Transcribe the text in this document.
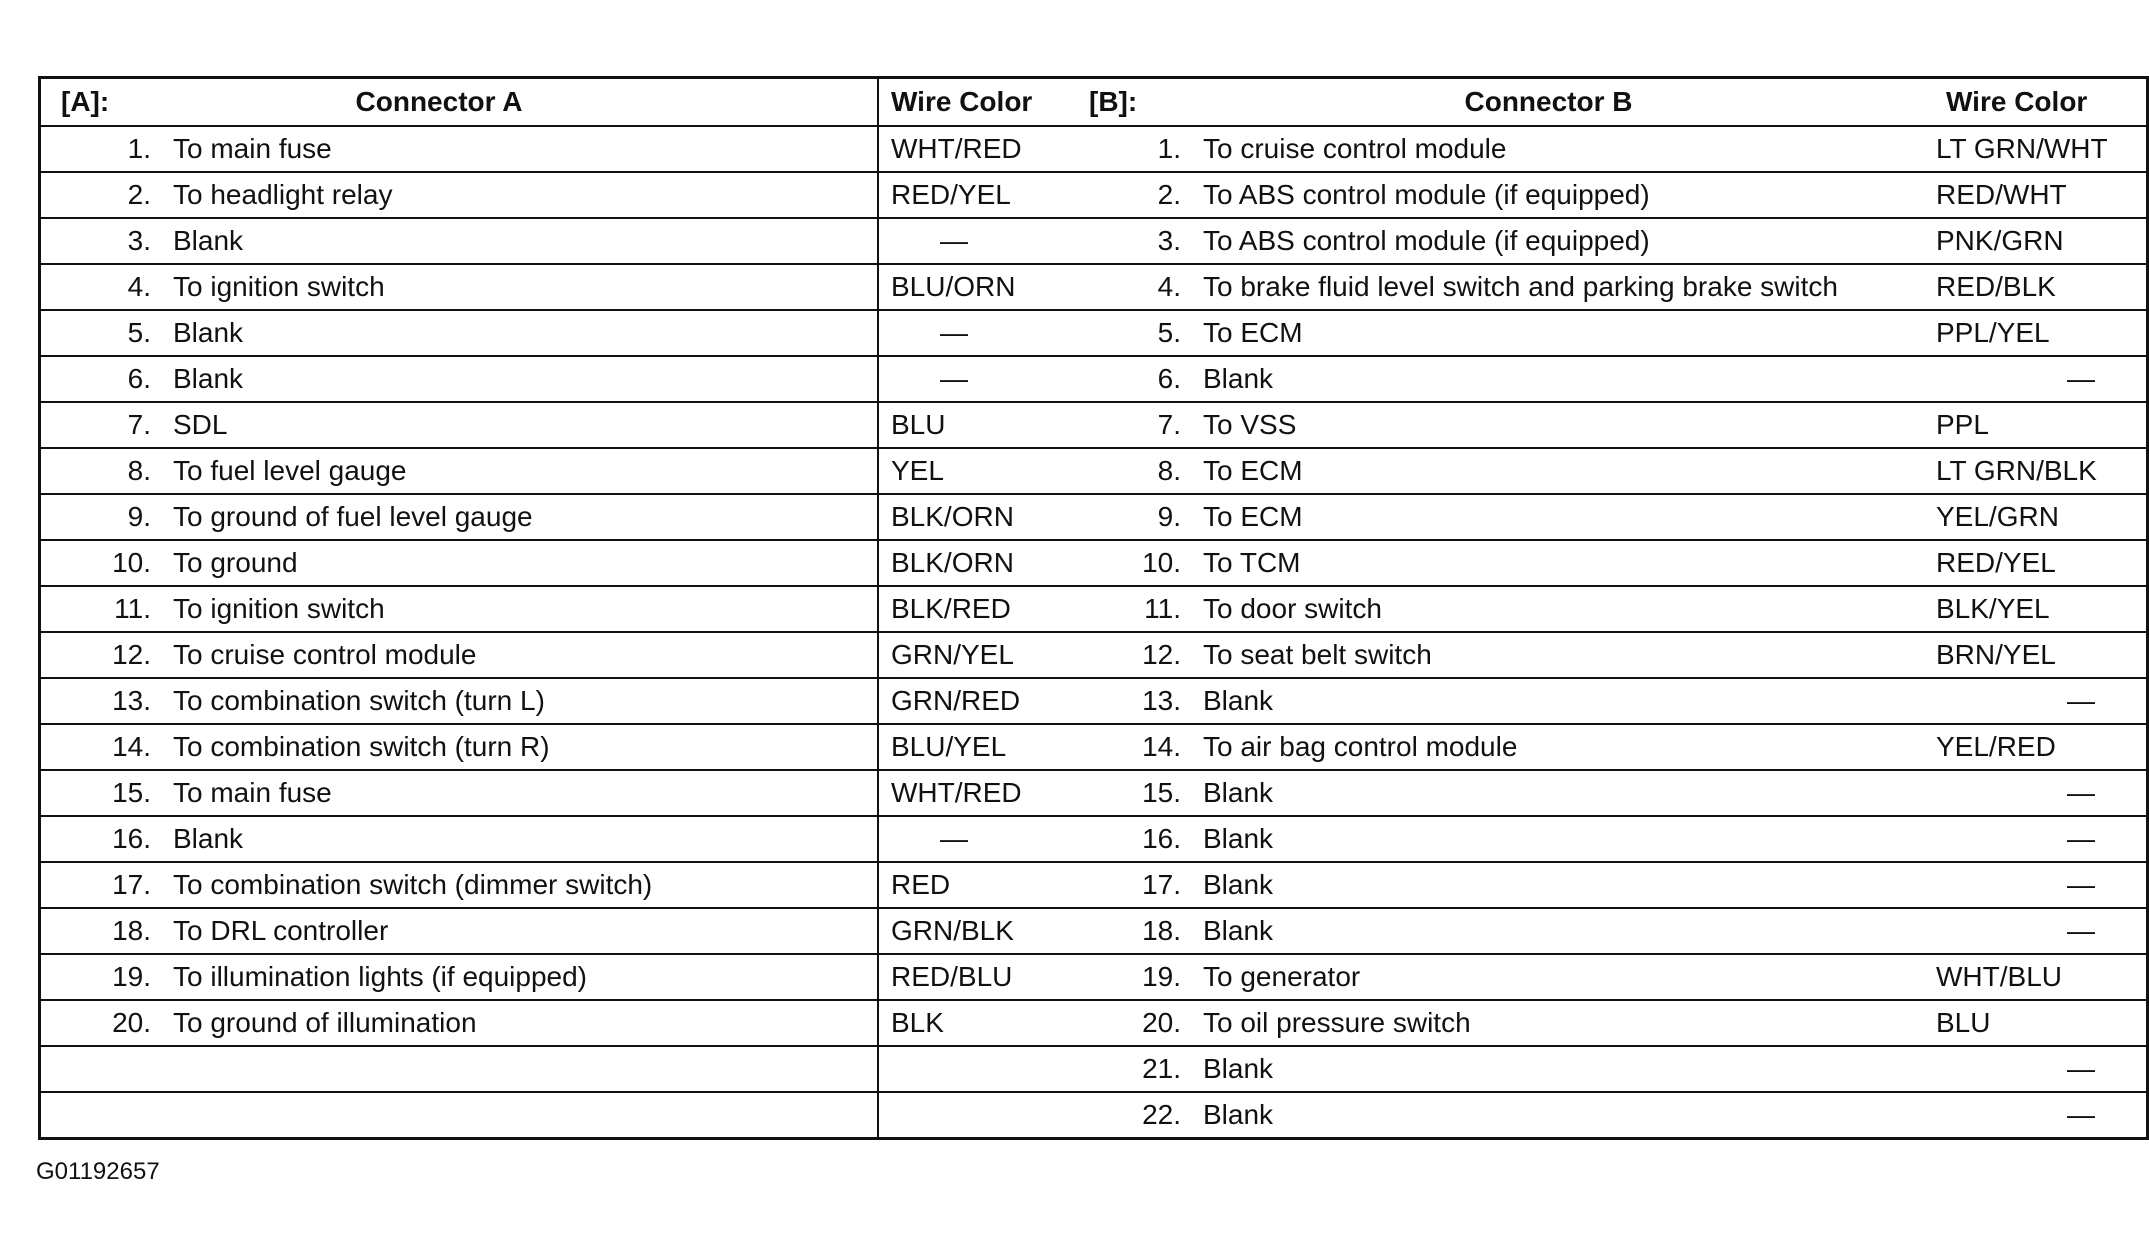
[A]:	Connector A	Wire Color	[B]:	Connector B	Wire Color
1.	To main fuse	WHT/RED	1.	To cruise control module	LT GRN/WHT
2.	To headlight relay	RED/YEL	2.	To ABS control module (if equipped)	RED/WHT
3.	Blank	—	3.	To ABS control module (if equipped)	PNK/GRN
4.	To ignition switch	BLU/ORN	4.	To brake fluid level switch and parking brake switch	RED/BLK
5.	Blank	—	5.	To ECM	PPL/YEL
6.	Blank	—	6.	Blank	—
7.	SDL	BLU	7.	To VSS	PPL
8.	To fuel level gauge	YEL	8.	To ECM	LT GRN/BLK
9.	To ground of fuel level gauge	BLK/ORN	9.	To ECM	YEL/GRN
10.	To ground	BLK/ORN	10.	To TCM	RED/YEL
11.	To ignition switch	BLK/RED	11.	To door switch	BLK/YEL
12.	To cruise control module	GRN/YEL	12.	To seat belt switch	BRN/YEL
13.	To combination switch (turn L)	GRN/RED	13.	Blank	—
14.	To combination switch (turn R)	BLU/YEL	14.	To air bag control module	YEL/RED
15.	To main fuse	WHT/RED	15.	Blank	—
16.	Blank	—	16.	Blank	—
17.	To combination switch (dimmer switch)	RED	17.	Blank	—
18.	To DRL controller	GRN/BLK	18.	Blank	—
19.	To illumination lights (if equipped)	RED/BLU	19.	To generator	WHT/BLU
20.	To ground of illumination	BLK	20.	To oil pressure switch	BLU
			21.	Blank	—
			22.	Blank	—
G01192657
